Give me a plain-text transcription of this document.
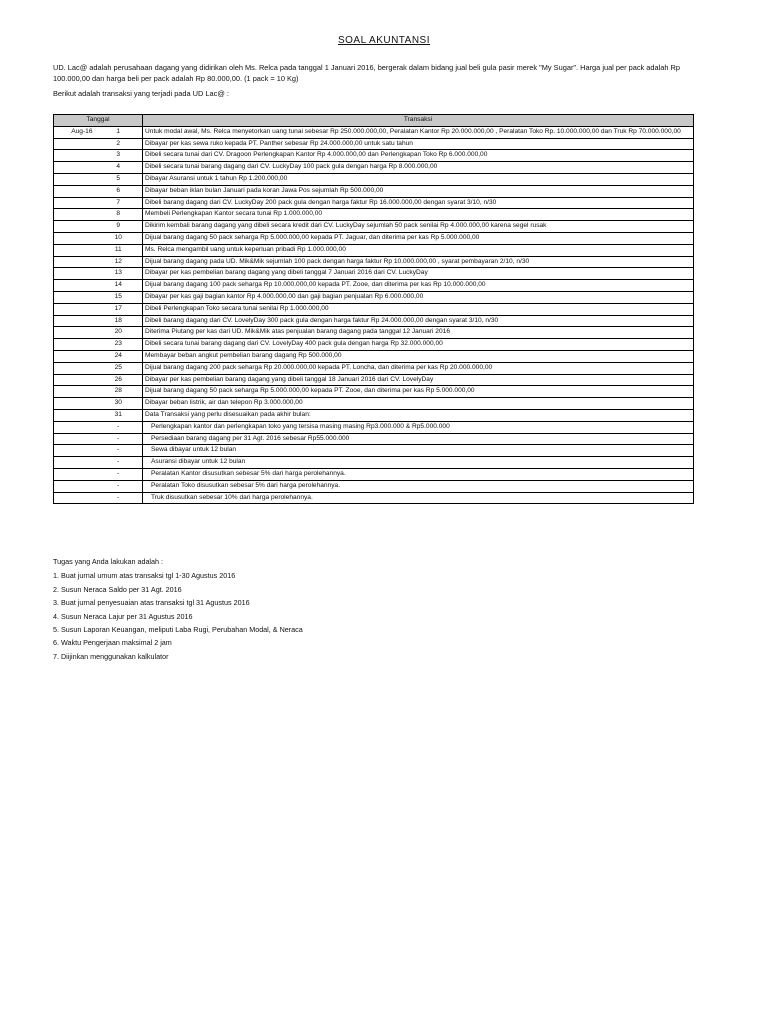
SOAL AKUNTANSI
UD. Lac@ adalah perusahaan dagang yang didirikan oleh Ms. Relca pada tanggal 1 Januari 2016, bergerak dalam bidang jual beli gula pasir merek "My Sugar". Harga jual per pack adalah Rp 100.000,00 dan harga beli per pack adalah Rp 80.000,00. (1 pack = 10 Kg)
Berikut adalah transaksi yang terjadi pada UD Lac@ :
Tanggal		Transaksi
Aug-16	1	Untuk modal awal, Ms. Relca menyetorkan uang tunai sebesar Rp 250.000.000,00, Peralatan Kantor Rp 20.000.000,00 , Peralatan Toko Rp. 10.000.000,00 dan Truk Rp 70.000.000,00
	2	Dibayar per kas sewa ruko kepada PT. Panther sebesar Rp 24.000.000,00 untuk satu tahun
	3	Dibeli secara tunai dari CV. Dragoon Perlengkapan Kantor Rp 4.000.000,00 dan Perlengkapan Toko Rp 6.000.000,00
	4	Dibeli secara tunai barang dagang dari CV. LuckyDay 100 pack gula dengan harga Rp 8.000.000,00
	5	Dibayar Asuransi untuk 1 tahun Rp 1.200.000,00
	6	Dibayar beban iklan bulan Januari pada koran Jawa Pos sejumlah Rp 500.000,00
	7	Dibeli barang dagang dari CV. LuckyDay 200 pack gula dengan harga faktur Rp 16.000.000,00 dengan syarat 3/10, n/30
	8	Membeli Perlengkapan Kantor secara tunai Rp 1.000.000,00
	9	Dikirim kembali barang dagang yang dibeli secara kredit dari CV. LuckyDay sejumlah 50 pack senilai Rp 4.000.000,00 karena segel rusak
	10	Dijual barang dagang 50 pack seharga Rp 5.000.000,00 kepada PT. Jaguar, dan diterima per kas Rp 5.000.000,00
	11	Ms. Relca mengambil uang untuk keperluan pribadi Rp 1.000.000,00
	12	Dijual barang dagang pada UD. Mik&Mik sejumlah 100 pack dengan harga faktur Rp 10.000.000,00 , syarat pembayaran 2/10, n/30
	13	Dibayar per kas pembelian barang dagang yang dibeli tanggal 7 Januari 2016 dari CV. LuckyDay
	14	Dijual barang dagang 100 pack seharga Rp 10.000.000,00 kepada PT. Zooe, dan diterima per kas Rp 10.000.000,00
	15	Dibayar per kas gaji bagian kantor Rp 4.000.000,00 dan gaji bagian penjualan Rp 6.000.000,00
	17	Dibeli Perlengkapan Toko secara tunai senilai Rp 1.000.000,00
	18	Dibeli barang dagang dari CV. LovelyDay 300 pack gula dengan harga faktur Rp 24.000.000,00 dengan syarat 3/10, n/30
	20	Diterima Piutang per kas dari UD. Mik&Mik atas penjualan barang dagang pada tanggal 12 Januari 2016
	23	Dibeli secara tunai barang dagang dari CV. LovelyDay 400 pack gula dengan harga Rp 32.000.000,00
	24	Membayar beban angkut pembelian barang dagang Rp 500.000,00
	25	Dijual barang dagang 200 pack seharga Rp 20.000.000,00 kepada PT. Loncha, dan diterima per kas Rp 20.000.000,00
	26	Dibayar per kas pembelian barang dagang yang dibeli tanggal 18 Januari 2016 dari CV. LovelyDay
	28	Dijual barang dagang 50 pack seharga Rp 5.000.000,00 kepada PT. Zooe, dan diterima per kas Rp 5.000.000,00
	30	Dibayar beban listrik, air dan telepon Rp 3.000.000,00
	31	Data Transaksi yang perlu disesuaikan pada akhir bulan:
	-	Perlengkapan kantor dan perlengkapan toko yang tersisa masing masing Rp3.000.000 & Rp5.000.000
	-	Persediaan barang dagang per 31 Agt. 2016 sebesar Rp55.000.000
	-	Sewa dibayar untuk 12 bulan
	-	Asuransi dibayar untuk 12 bulan
	-	Peralatan Kantor disusutkan sebesar 5% dari harga perolehannya.
	-	Peralatan Toko disusutkan sebesar 5% dari harga perolehannya.
	-	Truk disusutkan sebesar 10% dari harga perolehannya.
Tugas yang Anda lakukan adalah :
1. Buat jurnal umum atas transaksi tgl 1-30 Agustus 2016
2. Susun Neraca Saldo per 31 Agt. 2016
3. Buat jurnal penyesuaian atas transaksi tgl 31 Agustus 2016
4. Susun Neraca Lajur per 31 Agustus 2016
5. Susun Laporan Keuangan, meliputi Laba Rugi, Perubahan Modal, & Neraca
6. Waktu Pengerjaan maksimal 2 jam
7. Diijinkan menggunakan kalkulator
